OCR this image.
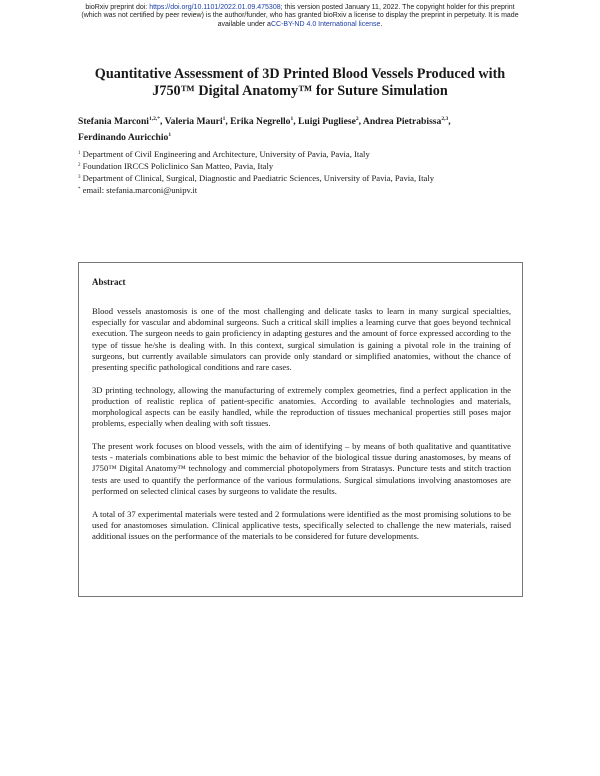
bioRxiv preprint doi: https://doi.org/10.1101/2022.01.09.475308; this version posted January 11, 2022. The copyright holder for this preprint
(which was not certified by peer review) is the author/funder, who has granted bioRxiv a license to display the preprint in perpetuity. It is made
available under aCC-BY-ND 4.0 International license.
Quantitative Assessment of 3D Printed Blood Vessels Produced with
J750™ Digital Anatomy™ for Suture Simulation
Stefania Marconi$^{1,2,*}$, Valeria Mauri$^1$, Erika Negrello$^1$, Luigi Pugliese$^2$, Andrea Pietrabissa$^{2,3}$,
Ferdinando Auricchio$^1$
$^1$ Department of Civil Engineering and Architecture, University of Pavia, Pavia, Italy
$^2$ Foundation IRCCS Policlinico San Matteo, Pavia, Italy
$^3$ Department of Clinical, Surgical, Diagnostic and Paediatric Sciences, University of Pavia, Pavia, Italy
* email: stefania.marconi@unipv.it
Abstract

Blood vessels anastomosis is one of the most challenging and delicate tasks to learn in many surgical specialties, especially for vascular and abdominal surgeons. Such a critical skill implies a learning curve that goes beyond technical execution. The surgeon needs to gain proficiency in adapting gestures and the amount of force expressed according to the type of tissue he/she is dealing with. In this context, surgical simulation is gaining a pivotal role in the training of surgeons, but currently available simulators can provide only standard or simplified anatomies, without the chance of presenting specific pathological conditions and rare cases.

3D printing technology, allowing the manufacturing of extremely complex geometries, find a perfect application in the production of realistic replica of patient-specific anatomies. According to available technologies and materials, morphological aspects can be easily handled, while the reproduction of tissues mechanical properties still poses major problems, especially when dealing with soft tissues.

The present work focuses on blood vessels, with the aim of identifying – by means of both qualitative and quantitative tests - materials combinations able to best mimic the behavior of the biological tissue during anastomoses, by means of J750™ Digital Anatomy™ technology and commercial photopolymers from Stratasys. Puncture tests and stitch traction tests are used to quantify the performance of the various formulations. Surgical simulations involving anastomoses are performed on selected clinical cases by surgeons to validate the results.

A total of 37 experimental materials were tested and 2 formulations were identified as the most promising solutions to be used for anastomoses simulation. Clinical applicative tests, specifically selected to challenge the new materials, raised additional issues on the performance of the materials to be considered for future developments.
